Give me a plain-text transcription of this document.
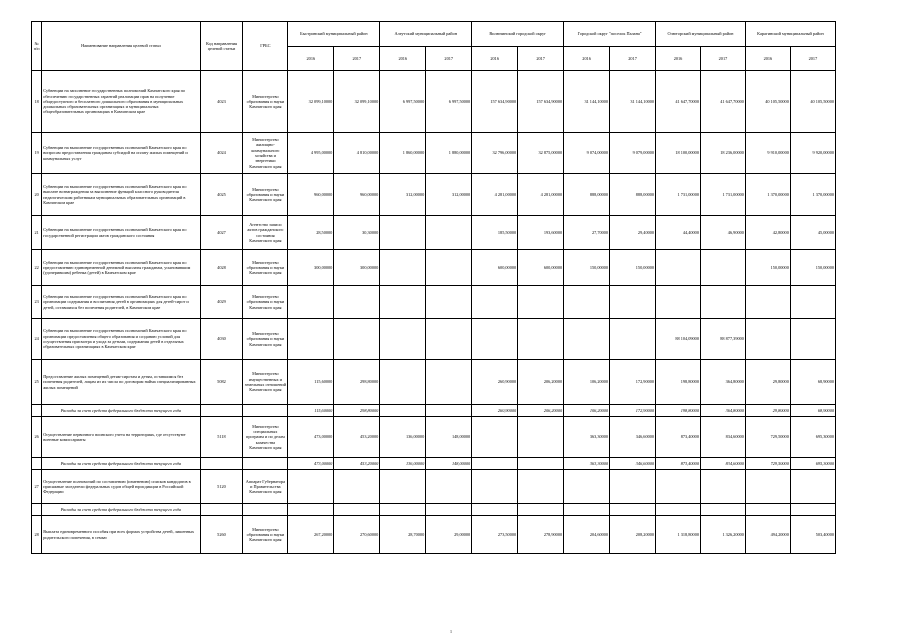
№ п/п	Наименование направления целевой статьи	Код направления целевой статьи	ГРБС	Быстринский муниципальный район		Алеутский муниципальный район		Вилючинский городской округ		Городской округ "поселок Палана"		Олюторский муниципальный район		Карагинский муниципальный район	
				2016	2017	2016	2017	2016	2017	2016	2017	2016	2017	2016	2017
18	Субвенции на заполнение государственных полномочий Камчатского края по обеспечению государственных гарантий реализации прав на получение общедоступного и бесплатного дошкольного образования в муниципальных дошкольных образовательных организациях и муниципальных общеобразовательных организациях в Камчатском крае	4023	Министерство образования и науки Камчатского края	32 099,10000	32 099,10000	6 997,50000	6 997,50000	157 634,90000	157 634,90000	31 144,10000	31 144,10000	41 647,70000	41 647,70000	40 105,50000	40 105,50000
19	Субвенции на выполнение государственных полномочий Камчатского края по вопросам предоставления гражданам субсидий на оплату жилых помещений и коммунальных услуг	4024	Министерство жилищно-коммунального хозяйства и энергетики Камчатского края	4 995,00000	4 810,00000	1 860,00000	1 880,00000	32 796,00000	32 875,00000	9 074,00000	9 079,00000	18 100,00000	18 236,00000	9 910,00000	9 920,00000
20	Субвенции на выполнение государственных полномочий Камчатского края по выплате вознаграждения за выполнение функций классного руководителя педагогическим работникам муниципальных образовательных организаций в Камчатском крае	4025	Министерство образования и науки Камчатского края	960,00000	960,00000	312,00000	312,00000	4 281,00000	4 281,00000	888,00000	888,00000	1 731,00000	1 731,00000	1 370,00000	1 370,00000
21	Субвенции на выполнение государственных полномочий Камчатского края по государственной регистрации актов гражданского состояния	4027	Агентство записи актов гражданского состояния Камчатского края	28,50000	30,30000			185,50000	193,60000	27,70000	29,40000	44,40000	46,90000	42,80000	45,00000
22	Субвенции на выполнение государственных полномочий Камчатского края по предоставлению единовременной денежной выплаты гражданам, усыновившим (удочерившим) ребенка (детей) в Камчатском крае	4028	Министерство образования и науки Камчатского края	300,00000	300,00000			600,00000	600,00000	150,00000	150,00000			150,00000	150,00000
23	Субвенции на выполнение государственных полномочий Камчатского края по организации содержания и воспитания детей в организациях для детей-сирот и детей, оставшихся без попечения родителей, в Камчатском крае	4029	Министерство образования и науки Камчатского края												
24	Субвенции на выполнение государственных полномочий Камчатского края по организации предоставления общего образования и созданию условий для осуществления присмотра и ухода за детьми, содержания детей в отдельных образовательных организациях в Камчатском крае	4030	Министерство образования и науки Камчатского края									88 104,09000	88 877,39000		
25	Предоставление жилых помещений детям-сиротам и детям, оставшимся без попечения родителей, лицам из их числа по договорам найма специализированных жилых помещений	5082	Министерство имущественных и земельных отношений Камчатского края	115,60000	298,80000			260,90000	206,20000	106,20000	172,90000	198,80000	364,80000	29,80000	68,90000
	Расходы за счет средств федерального бюджета текущего года			115,60000	298,80000			260,90000	206,20000	106,20000	172,90000	198,80000	364,80000	29,80000	68,90000
26	Осуществление первичного воинского учета на территориях, где отсутствуют военные комиссариаты	5118	Министерство специальных программ и по делам казачества Камчатского края	473,00000	453,20000	136,00000	148,00000			363,30000	346,60000	873,40000	834,60000	729,50000	695,30000
	Расходы за счет средств федерального бюджета текущего года			473,00000	453,20000	136,00000	148,00000			363,30000	346,60000	873,40000	834,60000	729,50000	695,30000
27	Осуществление полномочий по составлению (изменению) списков кандидатов в присяжные заседатели федеральных судов общей юрисдикции в Российской Федерации	5120	Аппарат Губернатора и Правительства Камчатского края												
	Расходы за счет средств федерального бюджета текущего года														
28	Выплата единовременного пособия при всех формах устройства детей, лишенных родительского попечения, в семью	5260	Министерство образования и науки Камчатского края	267,20000	270,60000	28,70000	29,00000	273,50000	278,90000	204,60000	208,20000	1 318,80000	1 326,20000	494,20000	503,40000
1
